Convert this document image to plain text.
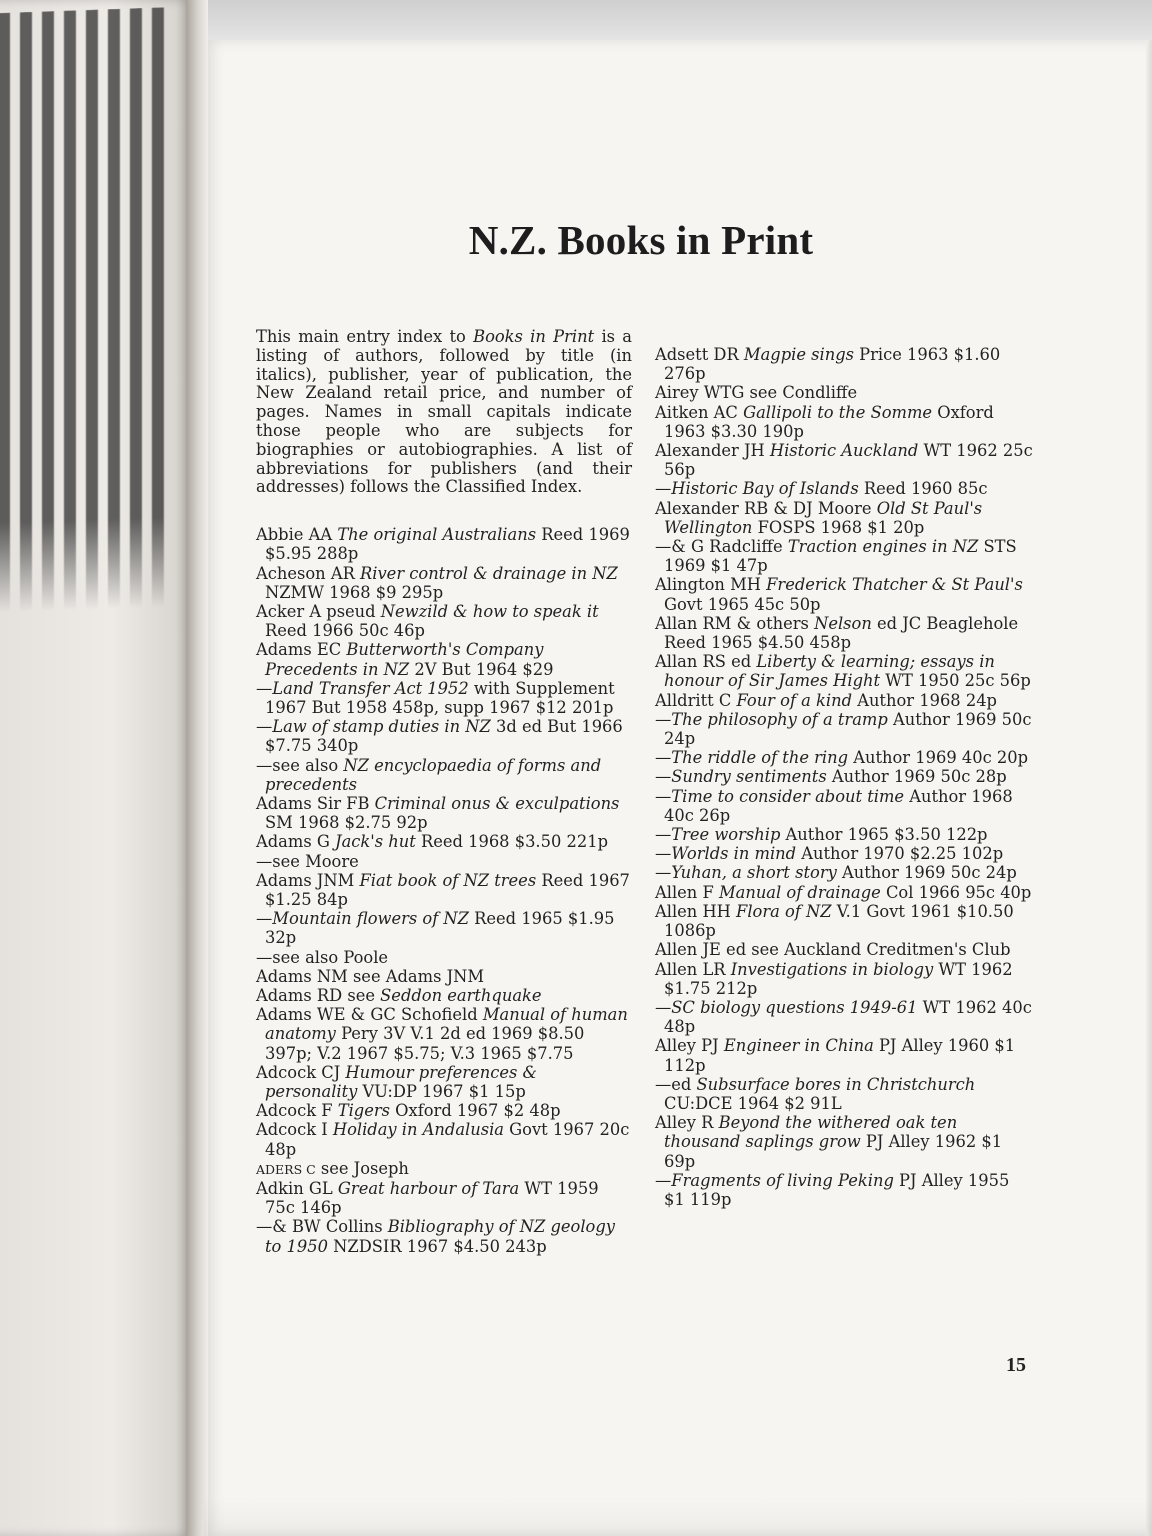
N.Z. Books in Print

This main entry index to Books in Print is a listing of authors, followed by title (in italics), publisher, year of publication, the New Zealand retail price, and number of pages. Names in small capitals indicate those people who are subjects for biographies or autobiographies. A list of abbreviations for publishers (and their addresses) follows the Classified Index.

Abbie AA The original Australians Reed 1969 $5.95 288p

Acheson AR River control & drainage in NZ NZMW 1968 $9 295p

Acker A pseud Newzild & how to speak it Reed 1966 50c 46p

Adams EC Butterworth's Company Precedents in NZ 2V But 1964 $29

—Land Transfer Act 1952 with Supplement 1967 But 1958 458p, supp 1967 $12 201p

—Law of stamp duties in NZ 3d ed But 1966 $7.75 340p

—see also NZ encyclopaedia of forms and precedents

Adams Sir FB Criminal onus & exculpations SM 1968 $2.75 92p

Adams G Jack's hut Reed 1968 $3.50 221p

—see Moore

Adams JNM Fiat book of NZ trees Reed 1967 $1.25 84p

—Mountain flowers of NZ Reed 1965 $1.95 32p

—see also Poole

Adams NM see Adams JNM

Adams RD see Seddon earthquake

Adams WE & GC Schofield Manual of human anatomy Pery 3V V.1 2d ed 1969 $8.50 397p; V.2 1967 $5.75; V.3 1965 $7.75

Adcock CJ Humour preferences & personality VU:DP 1967 $1 15p

Adcock F Tigers Oxford 1967 $2 48p

Adcock I Holiday in Andalusia Govt 1967 20c 48p

ADERS C see Joseph

Adkin GL Great harbour of Tara WT 1959 75c 146p

—& BW Collins Bibliography of NZ geology to 1950 NZDSIR 1967 $4.50 243p

Adsett DR Magpie sings Price 1963 $1.60 276p

Airey WTG see Condliffe

Aitken AC Gallipoli to the Somme Oxford 1963 $3.30 190p

Alexander JH Historic Auckland WT 1962 25c 56p

—Historic Bay of Islands Reed 1960 85c

Alexander RB & DJ Moore Old St Paul's Wellington FOSPS 1968 $1 20p

—& G Radcliffe Traction engines in NZ STS 1969 $1 47p

Alington MH Frederick Thatcher & St Paul's Govt 1965 45c 50p

Allan RM & others Nelson ed JC Beaglehole Reed 1965 $4.50 458p

Allan RS ed Liberty & learning; essays in honour of Sir James Hight WT 1950 25c 56p

Alldritt C Four of a kind Author 1968 24p

—The philosophy of a tramp Author 1969 50c 24p

—The riddle of the ring Author 1969 40c 20p

—Sundry sentiments Author 1969 50c 28p

—Time to consider about time Author 1968 40c 26p

—Tree worship Author 1965 $3.50 122p

—Worlds in mind Author 1970 $2.25 102p

—Yuhan, a short story Author 1969 50c 24p

Allen F Manual of drainage Col 1966 95c 40p

Allen HH Flora of NZ V.1 Govt 1961 $10.50 1086p

Allen JE ed see Auckland Creditmen's Club

Allen LR Investigations in biology WT 1962 $1.75 212p

—SC biology questions 1949-61 WT 1962 40c 48p

Alley PJ Engineer in China PJ Alley 1960 $1 112p

—ed Subsurface bores in Christchurch CU:DCE 1964 $2 91L

Alley R Beyond the withered oak ten thousand saplings grow PJ Alley 1962 $1 69p

—Fragments of living Peking PJ Alley 1955 $1 119p

15
